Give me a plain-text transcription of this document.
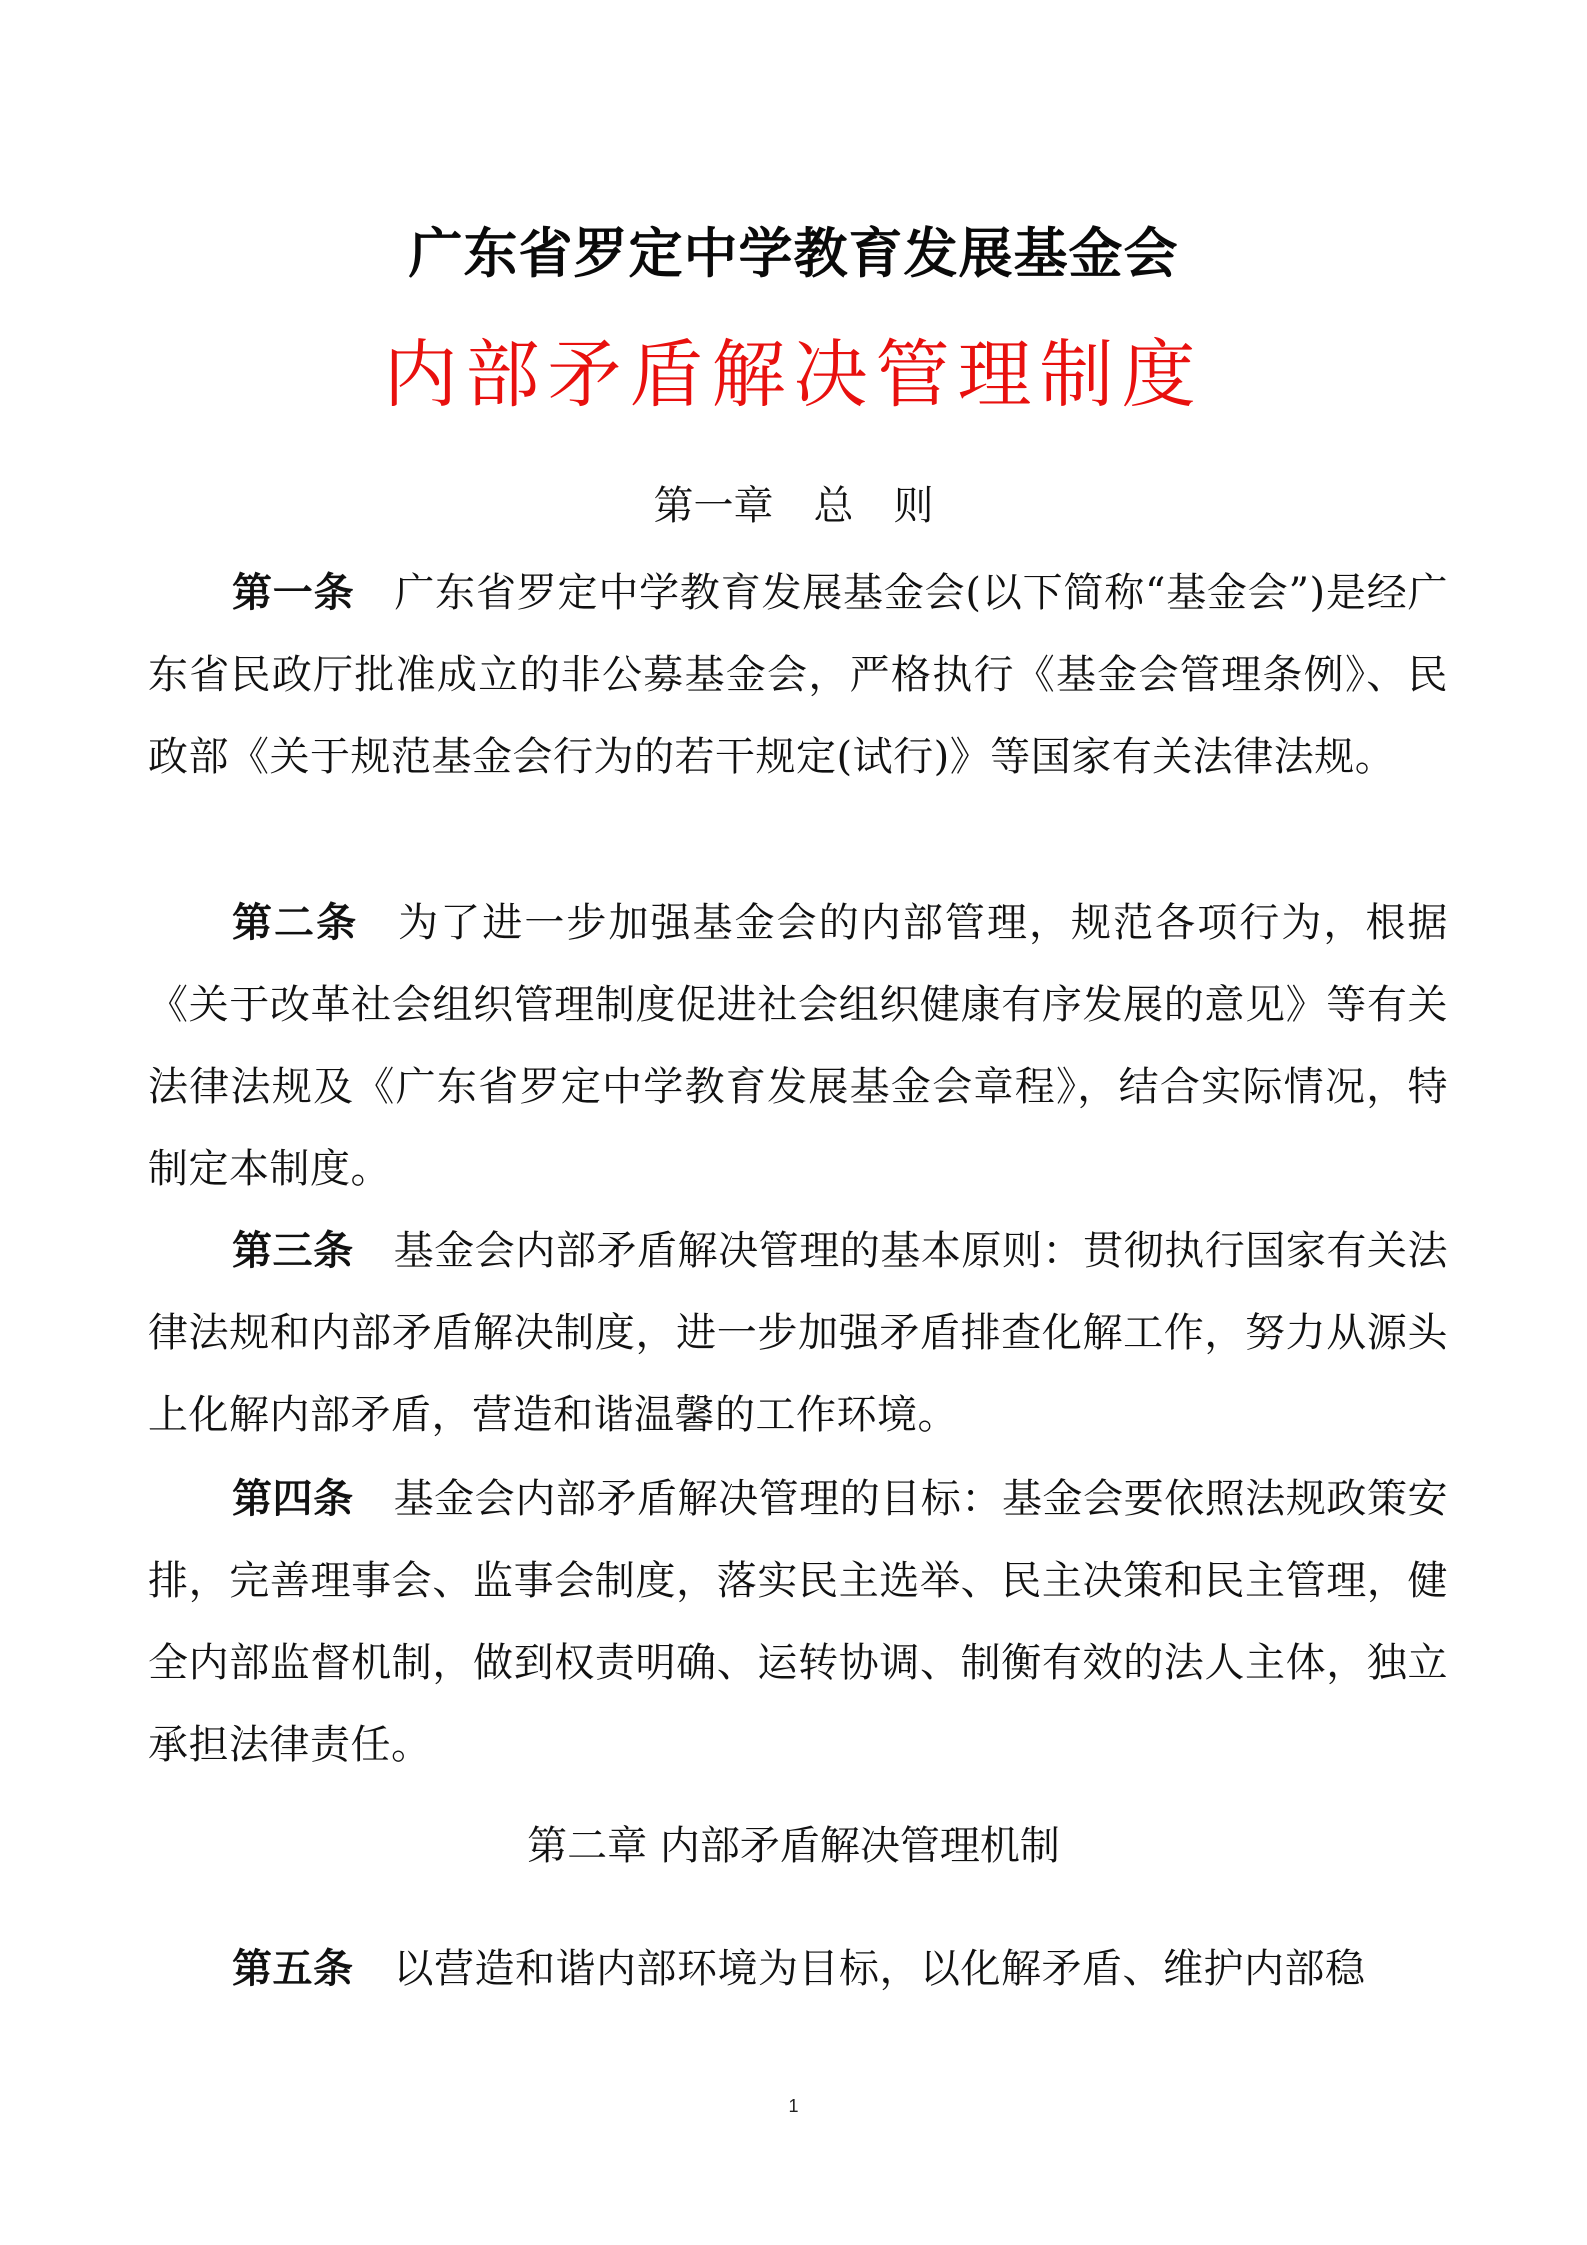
广东省罗定中学教育发展基金会
内部矛盾解决管理制度
第一章　总　则

第一条 广东省罗定中学教育发展基金会(以下简称“基金会”)是经广东省民政厅批准成立的非公募基金会，严格执行《基金会管理条例》、民政部《关于规范基金会行为的若干规定(试行)》等国家有关法律法规。

第二条 为了进一步加强基金会的内部管理，规范各项行为，根据 《关于改革社会组织管理制度促进社会组织健康有序发展的意见》等有关法律法规及《广东省罗定中学教育发展基金会章程》，结合实际情况，特制定本制度。

第三条 基金会内部矛盾解决管理的基本原则：贯彻执行国家有关法律法规和内部矛盾解决制度，进一步加强矛盾排查化解工作，努力从源头上化解内部矛盾，营造和谐温馨的工作环境。

第四条 基金会内部矛盾解决管理的目标：基金会要依照法规政策安排，完善理事会、监事会制度，落实民主选举、民主决策和民主管理，健全内部监督机制，做到权责明确、运转协调、制衡有效的法人主体，独立承担法律责任。

第二章 内部矛盾解决管理机制

第五条 以营造和谐内部环境为目标，以化解矛盾、维护内部稳

1
